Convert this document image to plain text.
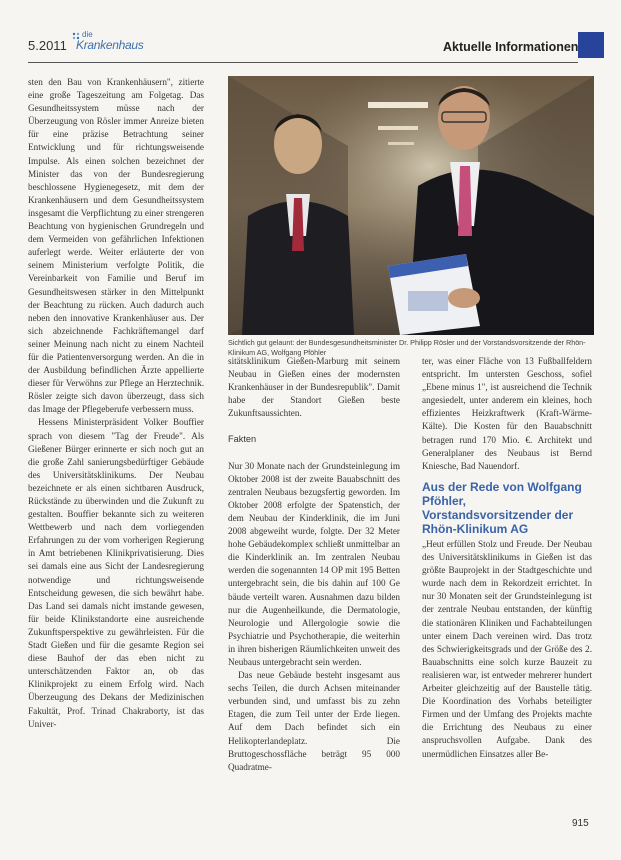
5.2011
die
Krankenhaus	Aktuelle Informationen

sten den Bau von Krankenhäusern", zitierte eine große Tageszeitung am Folgetag. Das Gesundheitssystem müsse nach der Überzeugung von Rösler immer Anreize bieten für eine präzise Betrachtung seiner Entwicklung und für richtungsweisende Impulse. Als einen solchen bezeichnet der Minister das von der Bundesregierung beschlossene Hygienegesetz, mit dem der Krankenhäusern und dem Gesundheitssystem insgesamt die Verpflichtung zu einer strengeren Beachtung von hygienischen Grundregeln und dem Vermeiden von gefährlichen Infektionen auferlegt werde. Weiter erläuterte der von seinem Ministerium verfolgte Politik, die Vereinbarkeit von Familie und Beruf im Gesundheitswesen stärker in den Mittelpunkt der Beachtung zu rücken. Auch dadurch auch neben den innovative Krankenhäuser aus. Der sich abzeichnende Fachkräftemangel darf seiner Meinung nach nicht zu einem Nachteil für die Patientenversorgung werden. An die in der Ausbildung befindlichen Ärzte appellierte dieser für Verwöhns zur Pflege an Herztechnik. Rösler zeigte sich davon überzeugt, dass sich das Image der Pflegeberufe verbessern muss.

Hessens Ministerpräsident Volker Bouffier sprach von diesem "Tag der Freude". Als Gießener Bürger erinnerte er sich noch gut an die große Zahl sanierungsbedürftiger Gebäude des Universitätsklinikums. Der Neubau bezeichnete er als einen sichtbaren Ausdruck, Rückstände zu überwinden und die Zukunft zu gestalten. Bouffier bekannte sich zu weiteren Wettbewerb und nach dem vorliegenden Erfahrungen zu der vom vorherigen Regierung in Amt betriebenen Klinikprivatisierung. Dies sei damals eine aus Sicht der Landesregierung notwendige und richtungsweisende Entscheidung gewesen, die sich bewährt habe. Das Land sei damals nicht imstande gewesen, für beide Klinikstandorte eine ausreichende Zukunftsperspektive zu gewährleisten. Für die Stadt Gießen und für die gesamte Region sei diese Bauhof der das eben nicht zu unterschätzenden Faktor an, ob das Klinikprojekt zu einem Erfolg wird. Nach Überzeugung des Dekans der Medizinischen Fakultät, Prof. Trinad Chakraborty, ist das Univer-

Sichtlich gut gelaunt: der Bundesgesundheitsminister Dr. Philipp Rösler und der Vorstandsvorsitzende der Rhön-Klinikum AG, Wolfgang Pföhler

sitätsklinikum Gießen-Marburg mit seinem Neubau in Gießen eines der modernsten Krankenhäuser in der Bundesrepublik". Damit habe der Standort Gießen beste Zukunftsaussichten.

Fakten

Nur 30 Monate nach der Grundsteinlegung im Oktober 2008 ist der zweite Bauabschnitt des zentralen Neubaus bezugsfertig geworden. Im Oktober 2008 erfolgte der Spatenstich, der dem Neubau der Kinderklinik, die im Juni 2008 abgeweiht wurde, folgte. Der 32 Meter hohe Gebäudekomplex schließt unmittelbar an die Kinderklinik an. Im zentralen Neubau werden die sogenannten 14 OP mit 195 Betten untergebracht sein, die bis dahin auf 100 Ge bäude verteilt waren. Ausnahmen dazu bilden nur die Augenheilkunde, die Dermatologie, Neurologie und Allergologie sowie die Psychiatrie und Psychotherapie, die weiterhin in ihren bisherigen Räumlichkeiten unweit des Neubaus untergebracht sein werden.

Das neue Gebäude besteht insgesamt aus sechs Teilen, die durch Achsen miteinander verbunden sind, und umfasst bis zu zehn Etagen, die zum Teil unter der Erde liegen. Auf dem Dach befindet sich ein Helikopterlandeplatz. Die Bruttogeschossfläche beträgt 95 000 Quadratme-

ter, was einer Fläche von 13 Fußballfeldern entspricht. Im untersten Geschoss, sofiel „Ebene minus 1", ist ausreichend die Technik angesiedelt, unter anderem ein kleines, hoch effizientes Heizkraftwerk (Kraft-Wärme-Kälte). Die Kosten für den Bauabschnitt betragen rund 170 Mio. €. Architekt und Generalplaner des Neubaus ist Bernd Kniesche, Bad Nauendorf.

Aus der Rede von Wolfgang Pföhler, Vorstandsvorsitzender der Rhön-Klinikum AG

„Heut erfüllen Stolz und Freude. Der Neubau des Universitätsklinikums in Gießen ist das größte Bauprojekt in der Stadtgeschichte und wurde nach dem in Rekordzeit errichtet. In nur 30 Monaten seit der Grundsteinlegung ist der zentrale Neubau entstanden, der künftig die stationären Kliniken und Fachabteilungen unter einem Dach vereinen wird. Das trotz des Schwierigkeitsgrads und der Größe des 2. Bauabschnitts eine solch kurze Bauzeit zu realisieren war, ist entweder mehrerer hundert Arbeiter gleichzeitig auf der Baustelle tätig. Die Koordination des Vorhabs beteiligter Firmen und der Umfang des Projekts machte die Errichtung des Neubaus zu einer anspruchsvollen Aufgabe. Dank des unermüdlichen Einsatzes aller Be-

915
